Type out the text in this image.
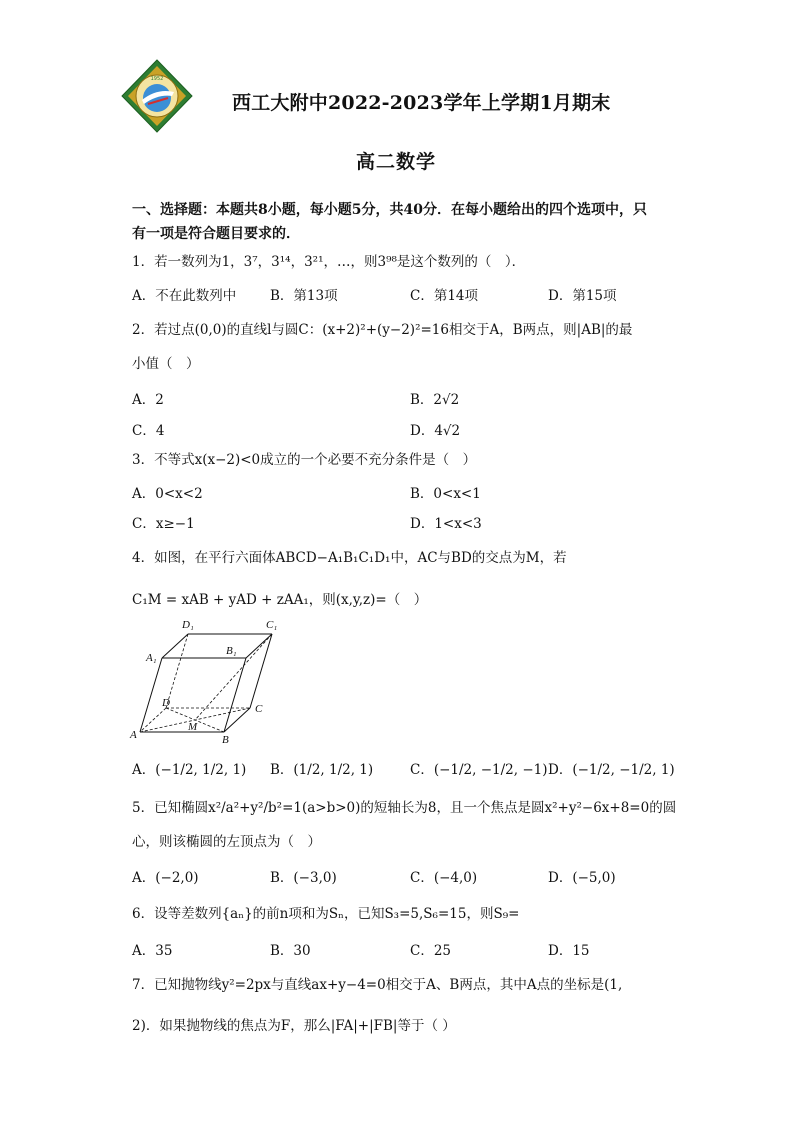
1952
西工大附中2022-2023学年上学期1月期末
高二数学
一、选择题：本题共8小题，每小题5分，共40分．在每小题给出的四个选项中，只
有一项是符合题目要求的．
1．若一数列为1，3⁷，3¹⁴，3²¹，…，则3⁹⁸是这个数列的（　）．
A．不在此数列中	B．第13项	C．第14项	D．第15项
2．若过点(0,0)的直线l与圆C：(x+2)²+(y−2)²=16相交于A，B两点，则|AB|的最
小值（　）
A．2	B．2√2
C．4	D．4√2
3．不等式x(x−2)<0成立的一个必要不充分条件是（　）
A．0<x<2	B．0<x<1
C．x≥−1	D．1<x<3
4．如图，在平行六面体ABCD−A₁B₁C₁D₁中，AC与BD的交点为M，若
C₁M = xAB + yAD + zAA₁，则(x,y,z)=（　）
D₁	C₁
A₁
B₁
D	C
M
A	B
A．(−1/2, 1/2, 1) B．(1/2, 1/2, 1)	C．(−1/2, −1/2, −1) D．(−1/2, −1/2, 1)
5．已知椭圆x²/a²+y²/b²=1(a>b>0)的短轴长为8，且一个焦点是圆x²+y²−6x+8=0的圆
心，则该椭圆的左顶点为（　）
A．(−2,0)	B．(−3,0)	C．(−4,0)	D．(−5,0)
6．设等差数列{aₙ}的前n项和为Sₙ，已知S₃=5,S₆=15，则S₉=
A．35	B．30	C．25	D．15
7．已知抛物线y²=2px与直线ax+y−4=0相交于A、B两点，其中A点的坐标是(1,
2)．如果抛物线的焦点为F，那么|FA|+|FB|等于（ ）
